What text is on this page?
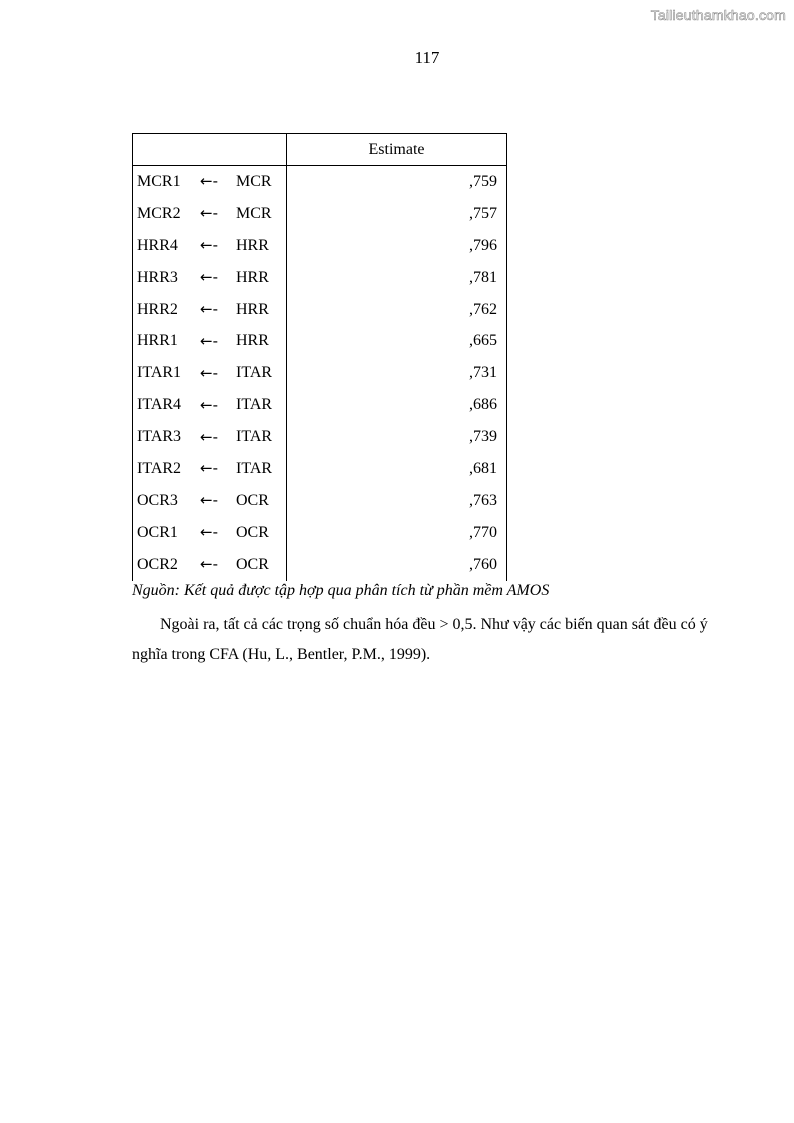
Tailieuthamkhao.com
117
			Estimate
MCR1	←-	MCR	,759
MCR2	←-	MCR	,757
HRR4	←-	HRR	,796
HRR3	←-	HRR	,781
HRR2	←-	HRR	,762
HRR1	←-	HRR	,665
ITAR1	←-	ITAR	,731
ITAR4	←-	ITAR	,686
ITAR3	←-	ITAR	,739
ITAR2	←-	ITAR	,681
OCR3	←-	OCR	,763
OCR1	←-	OCR	,770
OCR2	←-	OCR	,760
Nguồn: Kết quả được tập hợp qua phân tích từ phần mềm AMOS
Ngoài ra, tất cả các trọng số chuẩn hóa đều > 0,5. Như vậy các biến quan sát đều có ý nghĩa trong CFA (Hu, L., Bentler, P.M., 1999).
